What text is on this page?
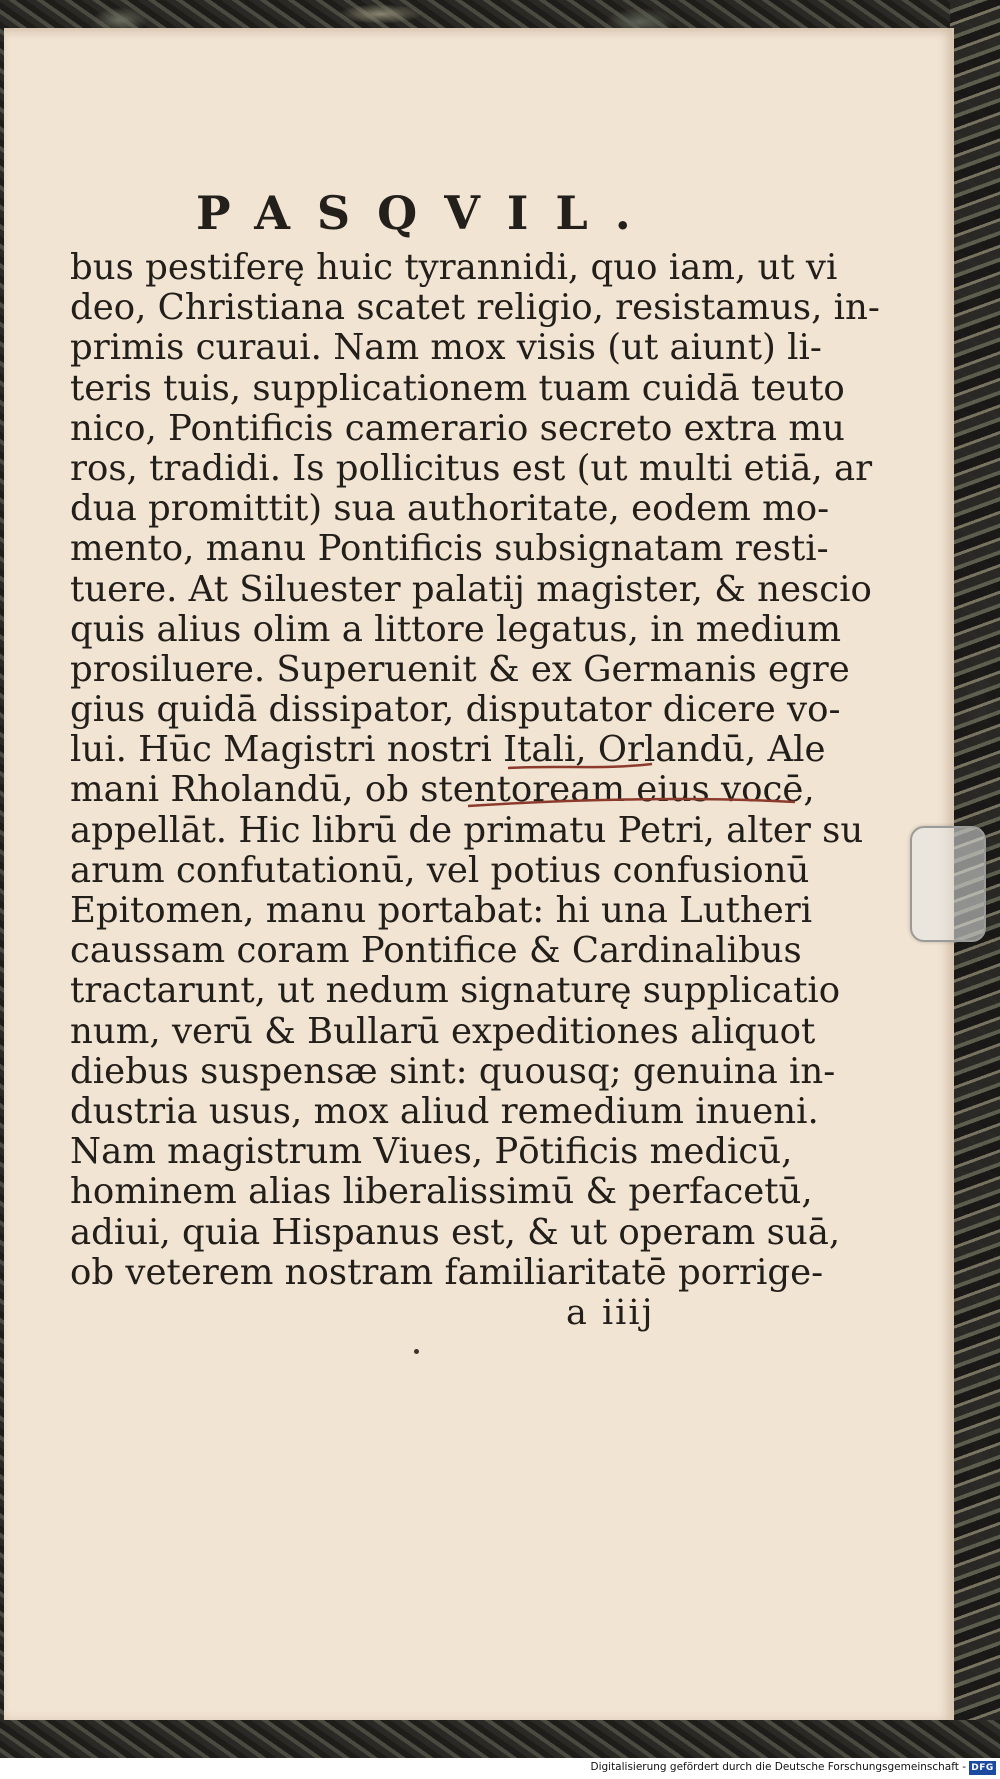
PASQVIL.
bus pestiferę huic tyrannidi, quo iam, ut vi
deo, Christiana scatet religio, resistamus, in-
primis curaui. Nam mox visis (ut aiunt) li-
teris tuis, supplicationem tuam cuidā teuto
nico, Pontificis camerario secreto extra mu
ros, tradidi. Is pollicitus est (ut multi etiā, ar
dua promittit) sua authoritate, eodem mo-
mento, manu Pontificis subsignatam resti-
tuere. At Siluester palatij magister, & nescio
quis alius olim a littore legatus, in medium
prosiluere. Superuenit & ex Germanis egre
gius quidā dissipator, disputator dicere vo-
lui. Hūc Magistri nostri Itali, Orlandū, Ale
mani Rholandū, ob stentoream eius vocē,
appellāt. Hic librū de primatu Petri, alter su
arum confutationū, vel potius confusionū
Epitomen, manu portabat: hi una Lutheri
caussam coram Pontifice & Cardinalibus
tractarunt, ut nedum signaturę supplicatio
num, verū & Bullarū expeditiones aliquot
diebus suspensæ sint: quousq; genuina in-
dustria usus, mox aliud remedium inueni.
Nam magistrum Viues, Pōtificis medicū,
hominem alias liberalissimū & perfacetū,
adiui, quia Hispanus est, & ut operam suā,
ob veterem nostram familiaritatē porrige-
a iiij
Digitalisierung gefördert durch die Deutsche Forschungsgemeinschaft - DFG
